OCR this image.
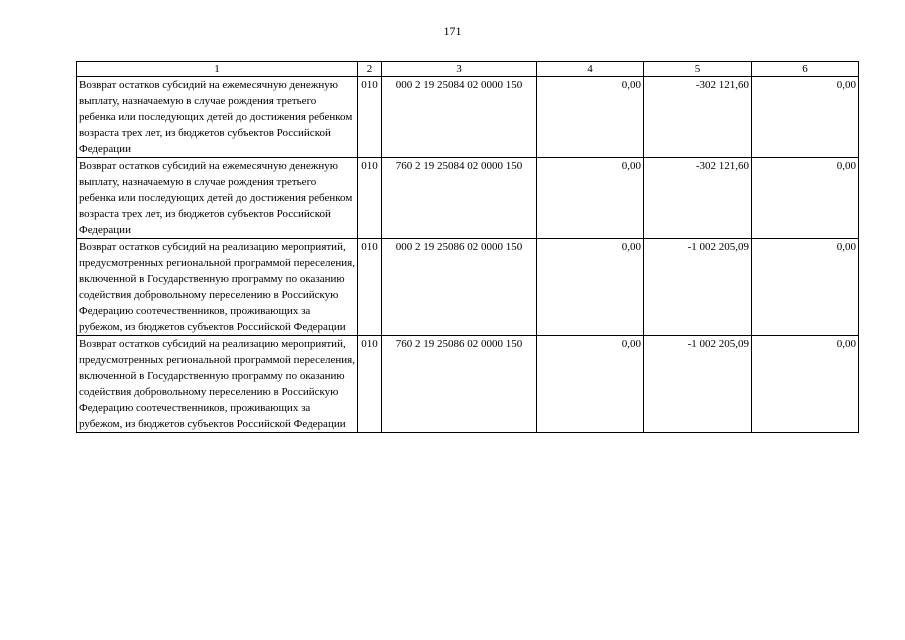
171
1	2	3	4	5	6
Возврат остатков субсидий на ежемесячную денежную выплату, назначаемую в случае рождения третьего ребенка или последующих детей до достижения ребенком возраста трех лет, из бюджетов субъектов Российской Федерации	010	000 2 19 25084 02 0000 150	0,00	-302 121,60	0,00
Возврат остатков субсидий на ежемесячную денежную выплату, назначаемую в случае рождения третьего ребенка или последующих детей до достижения ребенком возраста трех лет, из бюджетов субъектов Российской Федерации	010	760 2 19 25084 02 0000 150	0,00	-302 121,60	0,00
Возврат остатков субсидий на реализацию мероприятий, предусмотренных региональной программой переселения, включенной в Государственную программу по оказанию содействия добровольному переселению в Российскую Федерацию соотечественников, проживающих за рубежом, из бюджетов субъектов Российской Федерации	010	000 2 19 25086 02 0000 150	0,00	-1 002 205,09	0,00
Возврат остатков субсидий на реализацию мероприятий, предусмотренных региональной программой переселения, включенной в Государственную программу по оказанию содействия добровольному переселению в Российскую Федерацию соотечественников, проживающих за рубежом, из бюджетов субъектов Российской Федерации	010	760 2 19 25086 02 0000 150	0,00	-1 002 205,09	0,00
